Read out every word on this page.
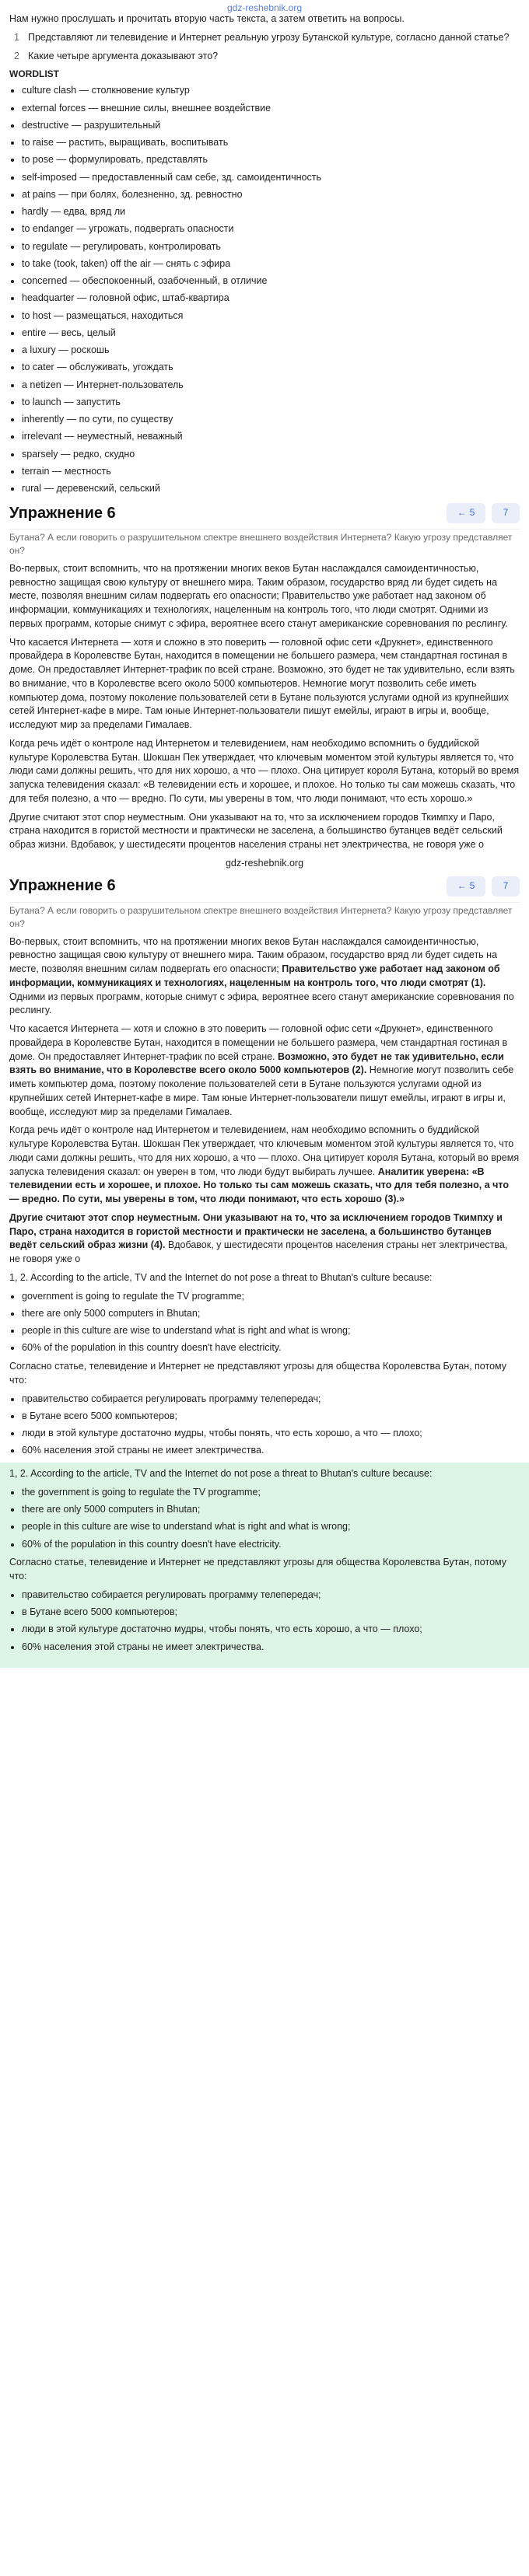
gdz-reshebnik.org

Нам нужно прослушать и прочитать вторую часть текста, а затем ответить на вопросы.

1 Представляют ли телевидение и Интернет реальную угрозу Бутанской культуре, согласно данной статье?
2 Какие четыре аргумента доказывают это?
WORDLIST
• culture clash — столкновение культур
• external forces — внешние силы, внешнее воздействие
• destructive — разрушительный
• to raise — растить, выращивать, воспитывать
• to pose — формулировать, представлять
• self-imposed — предоставленный сам себе, зд. самоидентичность
• at pains — при болях, болезненно, зд. ревностно
• hardly — едва, вряд ли
• to endanger — угрожать, подвергать опасности
• to regulate — регулировать, контролировать
• to take (took, taken) off the air — снять с эфира
• concerned — обеспокоенный, озабоченный, в отличие
• headquarter — головной офис, штаб-квартира
• to host — размещаться, находиться
• entire — весь, целый
• a luxury — роскошь
• to cater — обслуживать, угождать
• a netizen — Интернет-пользователь
• to launch — запустить
• inherently — по сути, по существу
• irrelevant — неуместный, неважный
• sparsely — редко, скудно
• terrain — местность
• rural — деревенский, сельский
Упражнение 6	← 5	7

Бутана? А если говорить о разрушительном спектре внешнего воздействия Интернета? Какую угрозу представляет он?

Во-первых, стоит вспомнить, что на протяжении многих веков Бутан наслаждался самоидентичностью, ревностно защищая свою культуру от внешнего мира. Таким образом, государство вряд ли будет сидеть на месте, позволяя внешним силам подвергать его опасности; Правительство уже работает над законом об информации, коммуникациях и технологиях, нацеленным на контроль того, что люди смотрят. Одними из первых программ, которые снимут с эфира, вероятнее всего станут американские соревнования по реслингу.

Что касается Интернета — хотя и сложно в это поверить — головной офис сети «Друкнет», единственного провайдера в Королевстве Бутан, находится в помещении не большего размера, чем стандартная гостиная в доме. Он предоставляет Интернет-трафик по всей стране. Возможно, это будет не так удивительно, если взять во внимание, что в Королевстве всего около 5000 компьютеров. Немногие могут позволить себе иметь компьютер дома, поэтому поколение пользователей сети в Бутане пользуются услугами одной из крупнейших сетей Интернет-кафе в мире. Там юные Интернет-пользователи пишут емейлы, играют в игры и, вообще, исследуют мир за пределами Гималаев.

Когда речь идёт о контроле над Интернетом и телевидением, нам необходимо вспомнить о буддийской культуре Королевства Бутан. Шокшан Пек утверждает, что ключевым моментом этой культуры является то, что люди сами должны решить, что для них хорошо, а что — плохо. Она цитирует короля Бутана, который во время запуска телевидения сказал: «В телевидении есть и хорошее, и плохое. Но только ты сам можешь сказать, что для тебя полезно, а что — вредно. По сути, мы уверены в том, что люди понимают, что есть хорошо.»

Другие считают этот спор неуместным. Они указывают на то, что за исключением городов Ткимпху и Паро, страна находится в гористой местности и практически не заселена, а большинство бутанцев ведёт сельский образ жизни. Вдобавок, у шестидесяти процентов населения страны нет электричества, не говоря уже о

gdz-reshebnik.org
Упражнение 6	← 5	7

Бутана? А если говорить о разрушительном спектре внешнего воздействия Интернета? Какую угрозу представляет он?

Во-первых, стоит вспомнить, что на протяжении многих веков Бутан наслаждался самоидентичностью, ревностно защищая свою культуру от внешнего мира. Таким образом, государство вряд ли будет сидеть на месте, позволяя внешним силам подвергать его опасности; Правительство уже работает над законом об информации, коммуникациях и технологиях, нацеленным на контроль того, что люди смотрят (1). Одними из первых программ, которые снимут с эфира, вероятнее всего станут американские соревнования по реслингу.

Что касается Интернета — хотя и сложно в это поверить — головной офис сети «Друкнет», единственного провайдера в Королевстве Бутан, находится в помещении не большего размера, чем стандартная гостиная в доме. Он предоставляет Интернет-трафик по всей стране. Возможно, это будет не так удивительно, если взять во внимание, что в Королевстве всего около 5000 компьютеров (2). Немногие могут позволить себе иметь компьютер дома, поэтому поколение пользователей сети в Бутане пользуются услугами одной из крупнейших сетей Интернет-кафе в мире. Там юные Интернет-пользователи пишут емейлы, играют в игры и, вообще, исследуют мир за пределами Гималаев.

Когда речь идёт о контроле над Интернетом и телевидением, нам необходимо вспомнить о буддийской культуре Королевства Бутан. Шокшан Пек утверждает, что ключевым моментом этой культуры является то, что люди сами должны решить, что для них хорошо, а что — плохо. Она цитирует короля Бутана, который во время запуска телевидения сказал: он уверен в том, что люди будут выбирать лучшее. Аналитик уверена: «В телевидении есть и хорошее, и плохое. Но только ты сам можешь сказать, что для тебя полезно, а что — вредно. По сути, мы уверены в том, что люди понимают, что есть хорошо (3).»

Другие считают этот спор неуместным. Они указывают на то, что за исключением городов Ткимпху и Паро, страна находится в гористой местности и практически не заселена, а большинство бутанцев ведёт сельский образ жизни (4). Вдобавок, у шестидесяти процентов населения страны нет электричества, не говоря уже о

1, 2. According to the article, TV and the Internet do not pose a threat to Bhutan's culture because:

• government is going to regulate the TV programme;
• there are only 5000 computers in Bhutan;
• people in this culture are wise to understand what is right and what is wrong;
• 60% of the population in this country doesn't have electricity.

Согласно статье, телевидение и Интернет не представляют угрозы для общества Королевства Бутан, потому что:

• правительство собирается регулировать программу телепередач;
• в Бутане всего 5000 компьютеров;
• люди в этой культуре достаточно мудры, чтобы понять, что есть хорошо, а что — плохо;
• 60% населения этой страны не имеет электричества.

1, 2. According to the article, TV and the Internet do not pose a threat to Bhutan's culture because:

• the government is going to regulate the TV programme;
• there are only 5000 computers in Bhutan;
• people in this culture are wise to understand what is right and what is wrong;
• 60% of the population in this country doesn't have electricity.

Согласно статье, телевидение и Интернет не представляют угрозы для общества Королевства Бутан, потому что:

• правительство собирается регулировать программу телепередач;
• в Бутане всего 5000 компьютеров;
• люди в этой культуре достаточно мудры, чтобы понять, что есть хорошо, а что — плохо;
• 60% населения этой страны не имеет электричества.
